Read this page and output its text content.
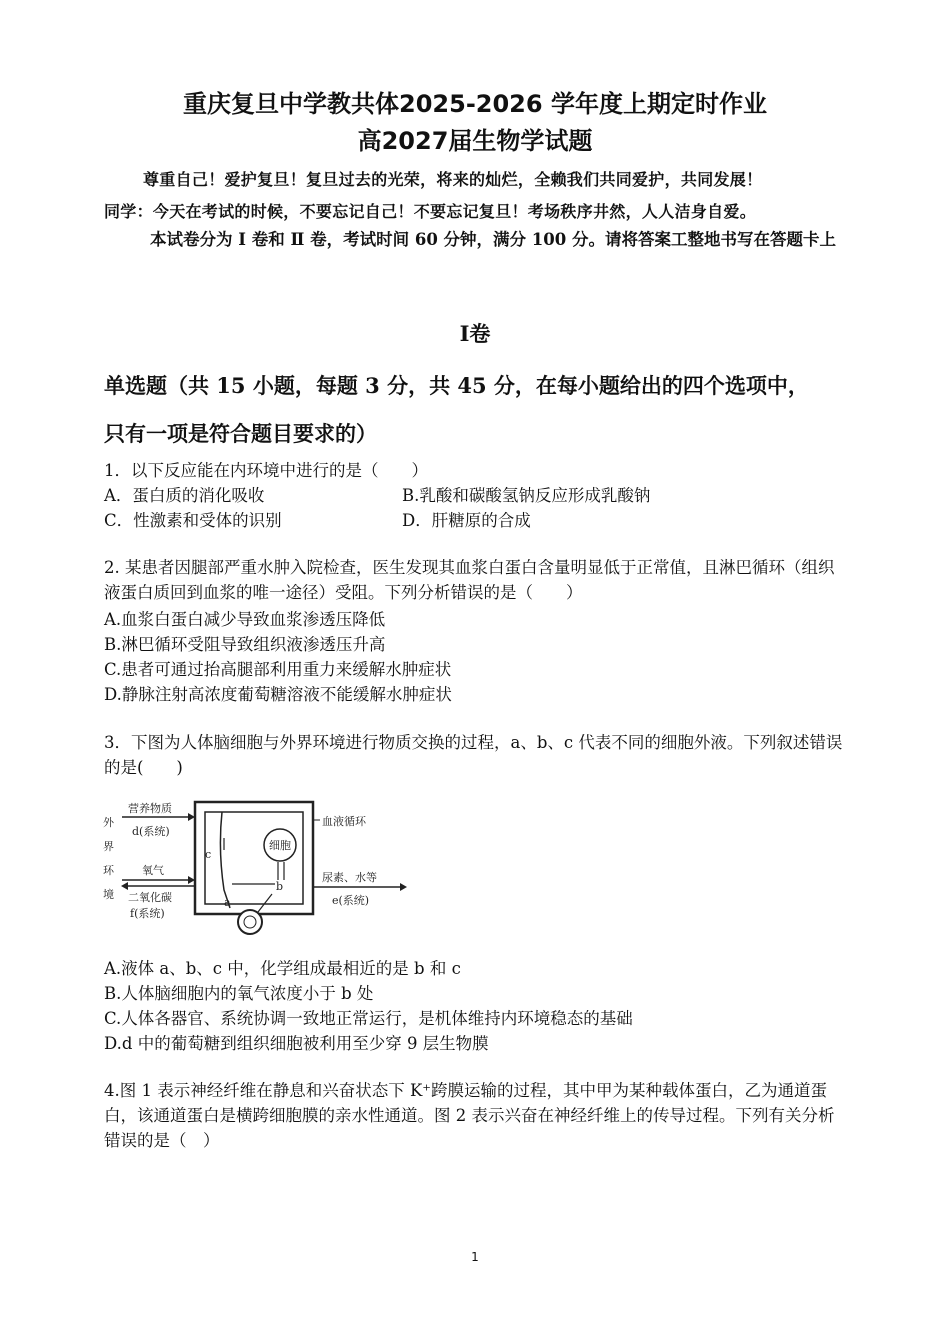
重庆复旦中学教共体2025-2026 学年度上期定时作业
高2027届生物学试题
尊重自己！爱护复旦！复旦过去的光荣，将来的灿烂，全赖我们共同爱护，共同发展！
同学：今天在考试的时候，不要忘记自己！不要忘记复旦！考场秩序井然，人人洁身自爱。
本试卷分为 I 卷和 Ⅱ 卷，考试时间 60 分钟，满分 100 分。请将答案工整地书写在答题卡上
Ⅰ卷
单选题（共 15 小题，每题 3 分，共 45 分，在每小题给出的四个选项中，
只有一项是符合题目要求的）
1．以下反应能在内环境中进行的是（　　）
A．蛋白质的消化吸收	B.乳酸和碳酸氢钠反应形成乳酸钠
C．性激素和受体的识别	D．肝糖原的合成
2. 某患者因腿部严重水肿入院检查，医生发现其血浆白蛋白含量明显低于正常值，且淋巴循环（组织液蛋白质回到血浆的唯一途径）受阻。下列分析错误的是（　　）
A.血浆白蛋白减少导致血浆渗透压降低
B.淋巴循环受阻导致组织液渗透压升高
C.患者可通过抬高腿部利用重力来缓解水肿症状
D.静脉注射高浓度葡萄糖溶液不能缓解水肿症状
3．下图为人体脑细胞与外界环境进行物质交换的过程，a、b、c 代表不同的细胞外液。下列叙述错误的是(　　)
外
界
环
境
营养物质
d(系统)
氧气
二氧化碳
f(系统)
血液循环
细胞
c
b
a
尿素、水等
e(系统)
A.液体 a、b、c 中，化学组成最相近的是 b 和 c
B.人体脑细胞内的氧气浓度小于 b 处
C.人体各器官、系统协调一致地正常运行，是机体维持内环境稳态的基础
D.d 中的葡萄糖到组织细胞被利用至少穿 9 层生物膜
4.图 1 表示神经纤维在静息和兴奋状态下 K⁺跨膜运输的过程，其中甲为某种载体蛋白，乙为通道蛋白，该通道蛋白是横跨细胞膜的亲水性通道。图 2 表示兴奋在神经纤维上的传导过程。下列有关分析错误的是（　）
1
